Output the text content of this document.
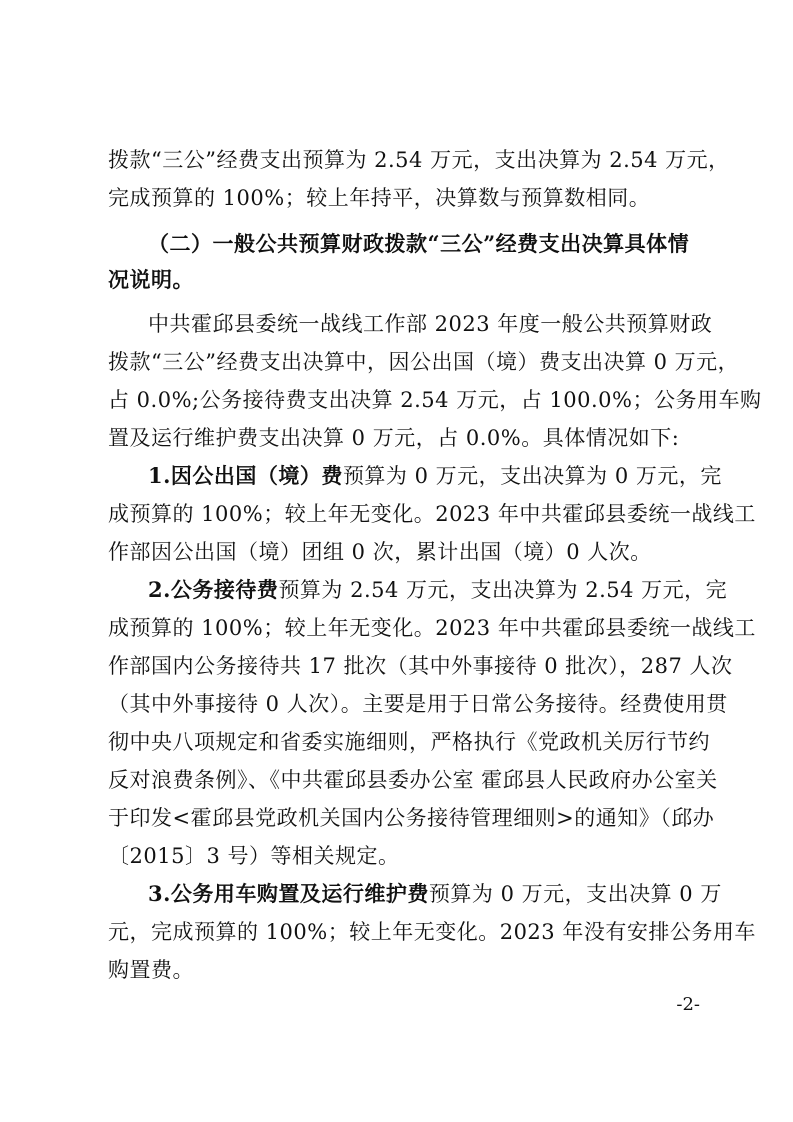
拨款“三公”经费支出预算为 2.54 万元，支出决算为 2.54 万元，
完成预算的 100%；较上年持平，决算数与预算数相同。
（二）一般公共预算财政拨款“三公”经费支出决算具体情
况说明。
中共霍邱县委统一战线工作部 2023 年度一般公共预算财政
拨款“三公”经费支出决算中，因公出国（境）费支出决算 0 万元，
占 0.0%;公务接待费支出决算 2.54 万元，占 100.0%；公务用车购
置及运行维护费支出决算 0 万元，占 0.0%。具体情况如下:
1.因公出国（境）费预算为 0 万元，支出决算为 0 万元，完
成预算的 100%；较上年无变化。2023 年中共霍邱县委统一战线工
作部因公出国（境）团组 0 次，累计出国（境）0 人次。
2.公务接待费预算为 2.54 万元，支出决算为 2.54 万元，完
成预算的 100%；较上年无变化。2023 年中共霍邱县委统一战线工
作部国内公务接待共 17 批次（其中外事接待 0 批次），287 人次
（其中外事接待 0 人次）。主要是用于日常公务接待。经费使用贯
彻中央八项规定和省委实施细则，严格执行《党政机关厉行节约
反对浪费条例》、《中共霍邱县委办公室 霍邱县人民政府办公室关
于印发<霍邱县党政机关国内公务接待管理细则>的通知》（邱办
〔2015〕3 号）等相关规定。
3.公务用车购置及运行维护费预算为 0 万元，支出决算 0 万
元，完成预算的 100%；较上年无变化。2023 年没有安排公务用车
购置费。
-2-
